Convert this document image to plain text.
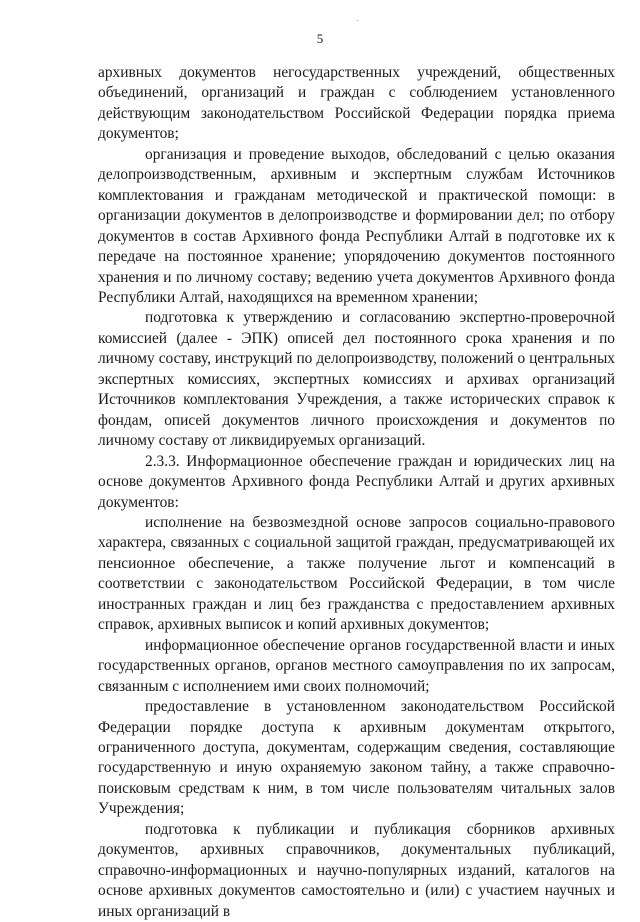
5

архивных документов негосударственных учреждений, общественных объединений, организаций и граждан с соблюдением установленного действующим законодательством Российской Федерации порядка приема документов;

организация и проведение выходов, обследований с целью оказания делопроизводственным, архивным и экспертным службам Источников комплектования и гражданам методической и практической помощи: в организации документов в делопроизводстве и формировании дел; по отбору документов в состав Архивного фонда Республики Алтай в подготовке их к передаче на постоянное хранение; упорядочению документов постоянного хранения и по личному составу; ведению учета документов Архивного фонда Республики Алтай, находящихся на временном хранении;

подготовка к утверждению и согласованию экспертно-проверочной комиссией (далее - ЭПК) описей дел постоянного срока хранения и по личному составу, инструкций по делопроизводству, положений о центральных экспертных комиссиях, экспертных комиссиях и архивах организаций Источников комплектования Учреждения, а также исторических справок к фондам, описей документов личного происхождения и документов по личному составу от ликвидируемых организаций.

2.3.3. Информационное обеспечение граждан и юридических лиц на основе документов Архивного фонда Республики Алтай и других архивных документов:

исполнение на безвозмездной основе запросов социально-правового характера, связанных с социальной защитой граждан, предусматривающей их пенсионное обеспечение, а также получение льгот и компенсаций в соответствии с законодательством Российской Федерации, в том числе иностранных граждан и лиц без гражданства с предоставлением архивных справок, архивных выписок и копий архивных документов;

информационное обеспечение органов государственной власти и иных государственных органов, органов местного самоуправления по их запросам, связанным с исполнением ими своих полномочий;

предоставление в установленном законодательством Российской Федерации порядке доступа к архивным документам открытого, ограниченного доступа, документам, содержащим сведения, составляющие государственную и иную охраняемую законом тайну, а также справочно-поисковым средствам к ним, в том числе пользователям читальных залов Учреждения;

подготовка к публикации и публикация сборников архивных документов, архивных справочников, документальных публикаций, справочно-информационных и научно-популярных изданий, каталогов на основе архивных документов самостоятельно и (или) с участием научных и иных организаций в
